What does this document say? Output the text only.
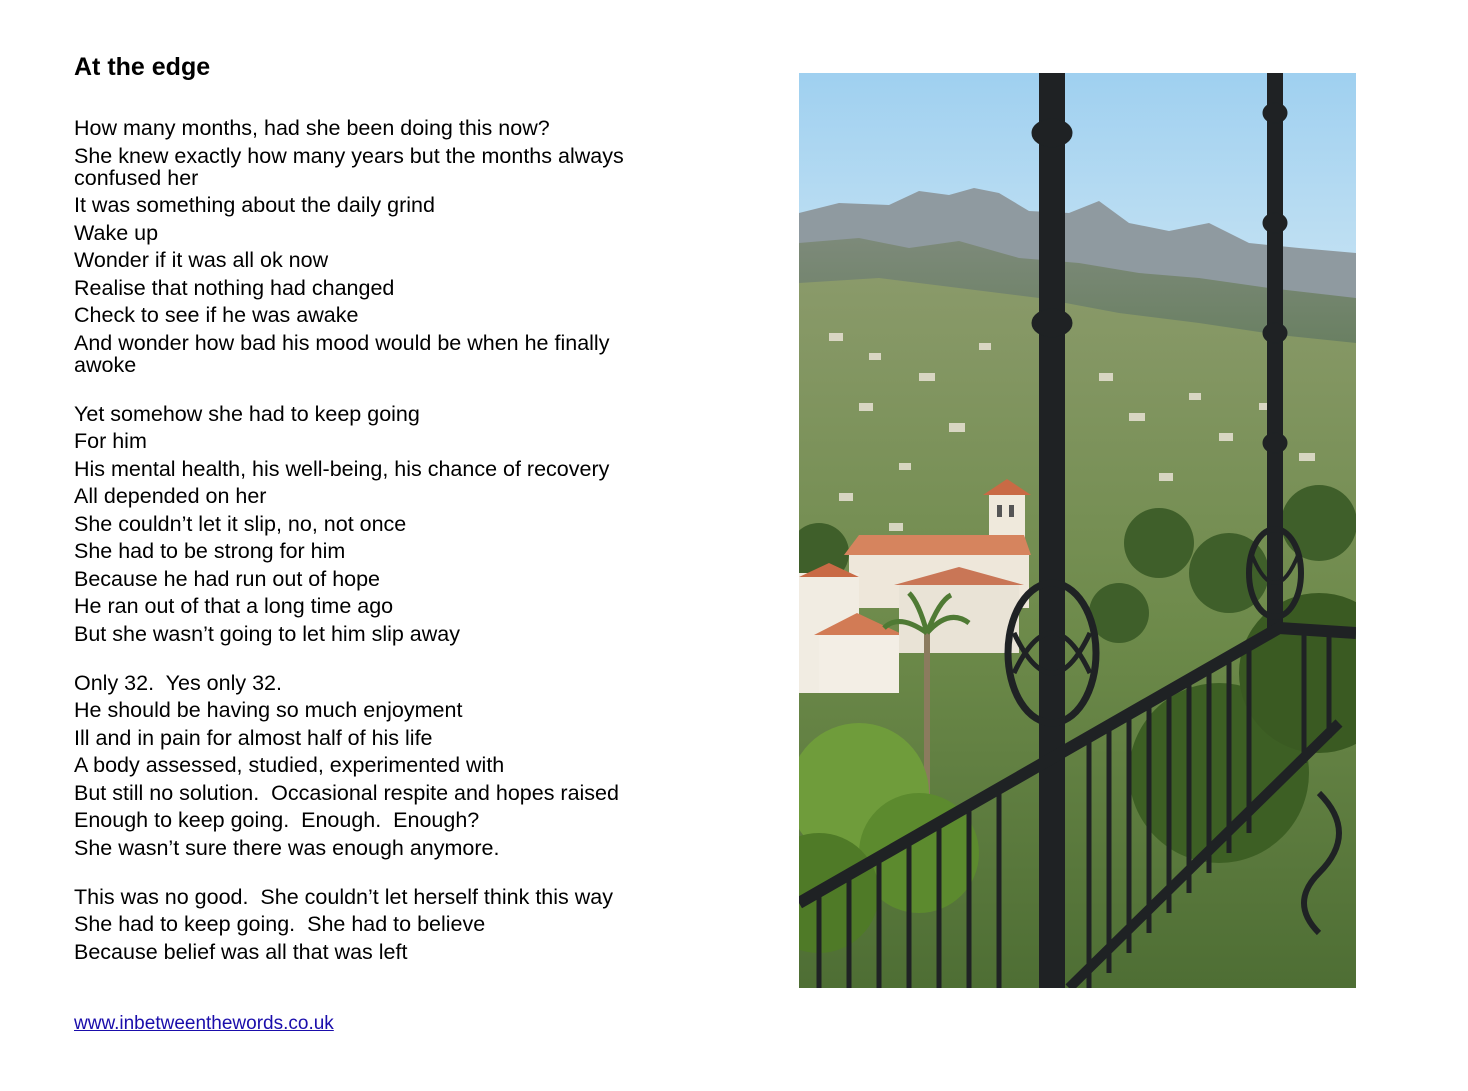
At the edge
How many months, had she been doing this now?
She knew exactly how many years but the months always confused her
It was something about the daily grind
Wake up
Wonder if it was all ok now
Realise that nothing had changed
Check to see if he was awake
And wonder how bad his mood would be when he finally awoke
Yet somehow she had to keep going
For him
His mental health, his well-being, his chance of recovery
All depended on her
She couldn’t let it slip, no, not once
She had to be strong for him
Because he had run out of hope
He ran out of that a long time ago
But she wasn’t going to let him slip away
Only 32.  Yes only 32.
He should be having so much enjoyment
Ill and in pain for almost half of his life
A body assessed, studied, experimented with
But still no solution.  Occasional respite and hopes raised
Enough to keep going.  Enough.  Enough?
She wasn’t sure there was enough anymore.
This was no good.  She couldn’t let herself think this way
She had to keep going.  She had to believe
Because belief was all that was left
www.inbetweenthewords.co.uk
